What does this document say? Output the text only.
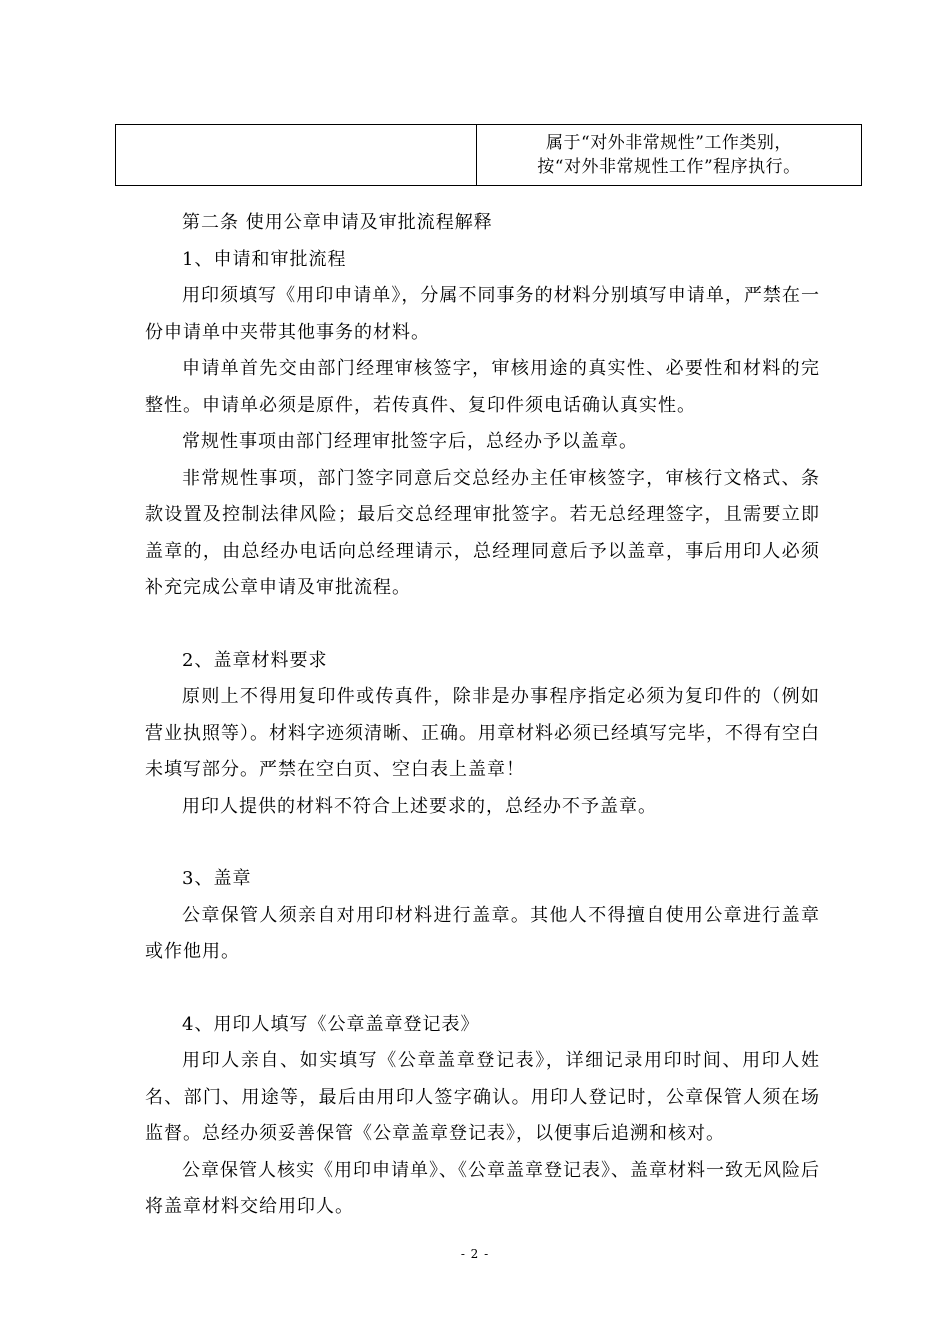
属于“对外非常规性”工作类别，
按“对外非常规性工作”程序执行。

第二条 使用公章申请及审批流程解释

1、申请和审批流程

用印须填写《用印申请单》，分属不同事务的材料分别填写申请单，严禁在一份申请单中夹带其他事务的材料。

申请单首先交由部门经理审核签字，审核用途的真实性、必要性和材料的完整性。申请单必须是原件，若传真件、复印件须电话确认真实性。

常规性事项由部门经理审批签字后，总经办予以盖章。

非常规性事项，部门签字同意后交总经办主任审核签字，审核行文格式、条款设置及控制法律风险；最后交总经理审批签字。若无总经理签字，且需要立即盖章的，由总经办电话向总经理请示，总经理同意后予以盖章，事后用印人必须补充完成公章申请及审批流程。

2、盖章材料要求

原则上不得用复印件或传真件，除非是办事程序指定必须为复印件的（例如营业执照等）。材料字迹须清晰、正确。用章材料必须已经填写完毕，不得有空白未填写部分。严禁在空白页、空白表上盖章！

用印人提供的材料不符合上述要求的，总经办不予盖章。

3、盖章

公章保管人须亲自对用印材料进行盖章。其他人不得擅自使用公章进行盖章或作他用。

4、用印人填写《公章盖章登记表》

用印人亲自、如实填写《公章盖章登记表》，详细记录用印时间、用印人姓名、部门、用途等，最后由用印人签字确认。用印人登记时，公章保管人须在场监督。总经办须妥善保管《公章盖章登记表》，以便事后追溯和核对。

公章保管人核实《用印申请单》、《公章盖章登记表》、盖章材料一致无风险后将盖章材料交给用印人。

- 2 -
